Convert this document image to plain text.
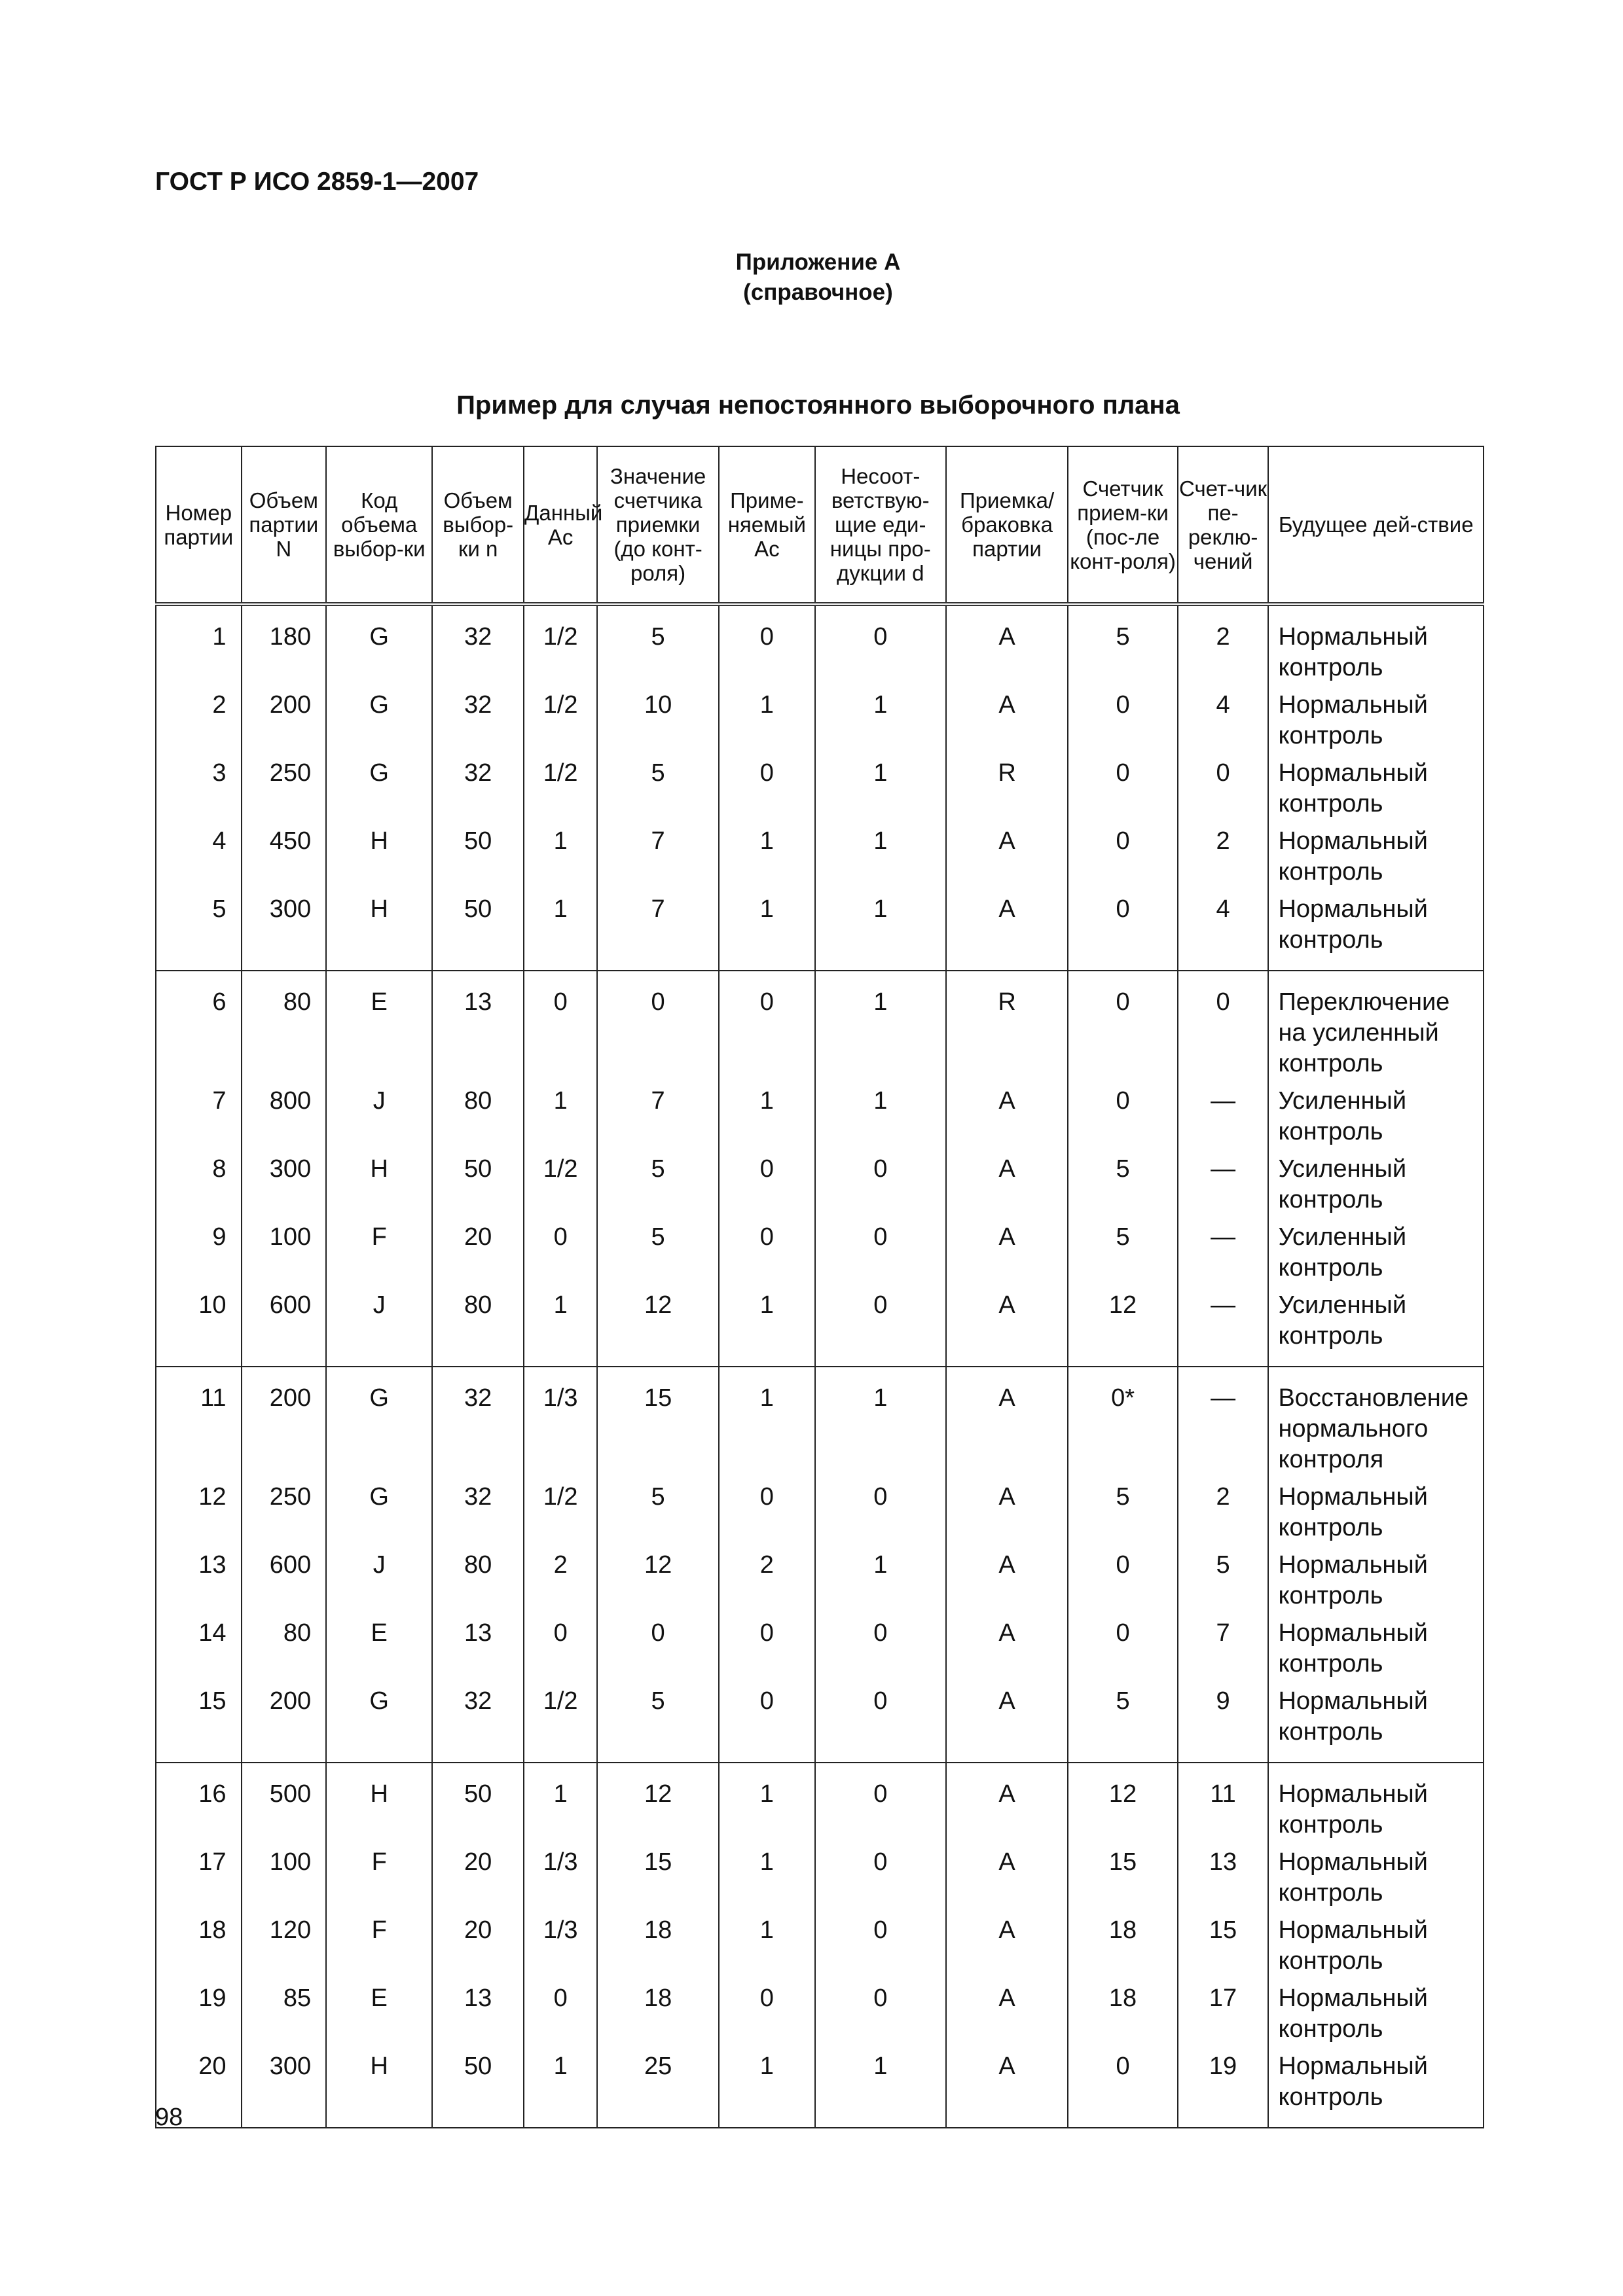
ГОСТ Р ИСО 2859-1—2007
Приложение А
(справочное)
Пример для случая непостоянного выборочного плана
Номер партии	Объем партии N	Код объема выбор-ки	Объем выбор-ки n	Данный Ac	Значение счетчика приемки (до конт-роля)	Приме-няемый Ac	Несоот-ветствую-щие еди-ницы про-дукции d	Приемка/ браковка партии	Счетчик прием-ки (пос-ле конт-роля)	Счет-чик пе-реклю-чений	Будущее дей-ствие
1	180	G	32	1/2	5	0	0	A	5	2	Нормальный контроль
2	200	G	32	1/2	10	1	1	A	0	4	Нормальный контроль
3	250	G	32	1/2	5	0	1	R	0	0	Нормальный контроль
4	450	H	50	1	7	1	1	A	0	2	Нормальный контроль
5	300	H	50	1	7	1	1	A	0	4	Нормальный контроль
6	80	E	13	0	0	0	1	R	0	0	Переключение на усиленный контроль
7	800	J	80	1	7	1	1	A	0	—	Усиленный контроль
8	300	H	50	1/2	5	0	0	A	5	—	Усиленный контроль
9	100	F	20	0	5	0	0	A	5	—	Усиленный контроль
10	600	J	80	1	12	1	0	A	12	—	Усиленный контроль
11	200	G	32	1/3	15	1	1	A	0*	—	Восстановление нормального контроля
12	250	G	32	1/2	5	0	0	A	5	2	Нормальный контроль
13	600	J	80	2	12	2	1	A	0	5	Нормальный контроль
14	80	E	13	0	0	0	0	A	0	7	Нормальный контроль
15	200	G	32	1/2	5	0	0	A	5	9	Нормальный контроль
16	500	H	50	1	12	1	0	A	12	11	Нормальный контроль
17	100	F	20	1/3	15	1	0	A	15	13	Нормальный контроль
18	120	F	20	1/3	18	1	0	A	18	15	Нормальный контроль
19	85	E	13	0	18	0	0	A	18	17	Нормальный контроль
20	300	H	50	1	25	1	1	A	0	19	Нормальный контроль
98
